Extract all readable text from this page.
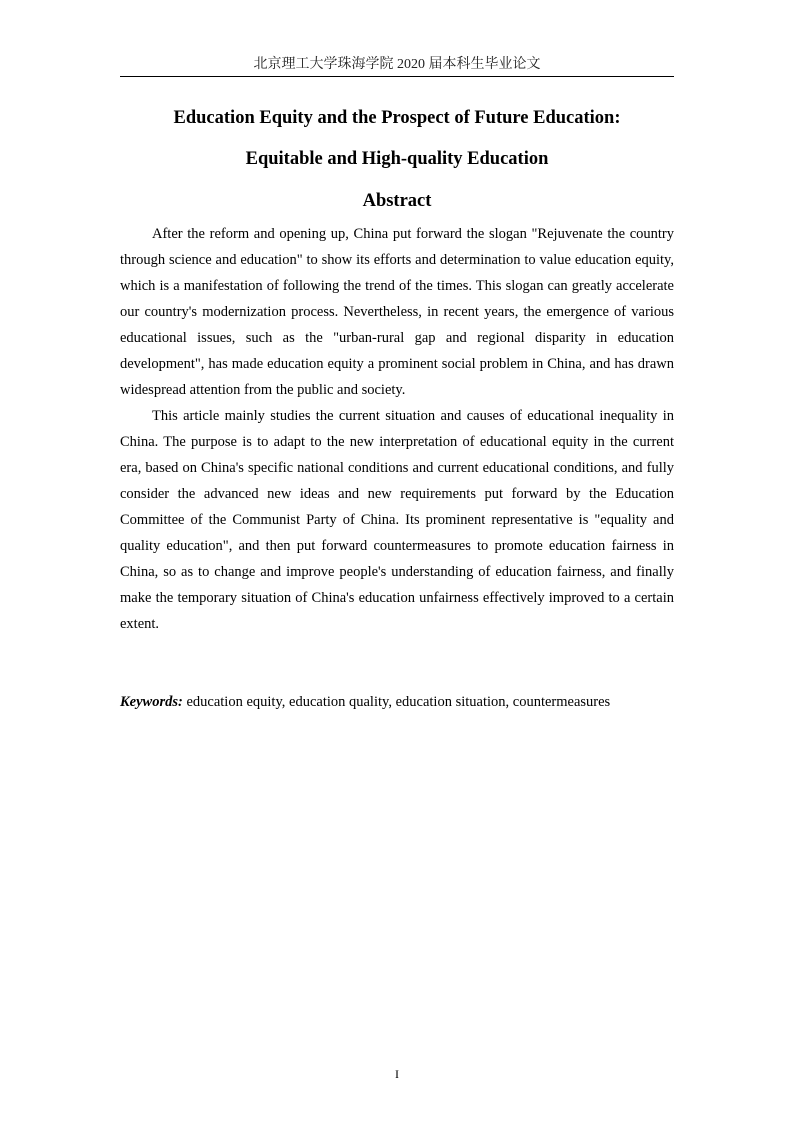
北京理工大学珠海学院 2020 届本科生毕业论文
Education Equity and the Prospect of Future Education:
Equitable and High-quality Education
Abstract

After the reform and opening up, China put forward the slogan "Rejuvenate the country through science and education" to show its efforts and determination to value education equity, which is a manifestation of following the trend of the times. This slogan can greatly accelerate our country's modernization process. Nevertheless, in recent years, the emergence of various educational issues, such as the "urban-rural gap and regional disparity in education development", has made education equity a prominent social problem in China, and has drawn widespread attention from the public and society.

This article mainly studies the current situation and causes of educational inequality in China. The purpose is to adapt to the new interpretation of educational equity in the current era, based on China's specific national conditions and current educational conditions, and fully consider the advanced new ideas and new requirements put forward by the Education Committee of the Communist Party of China. Its prominent representative is "equality and quality education", and then put forward countermeasures to promote education fairness in China, so as to change and improve people's understanding of education fairness, and finally make the temporary situation of China's education unfairness effectively improved to a certain extent.

Keywords: education equity, education quality, education situation, countermeasures
I
